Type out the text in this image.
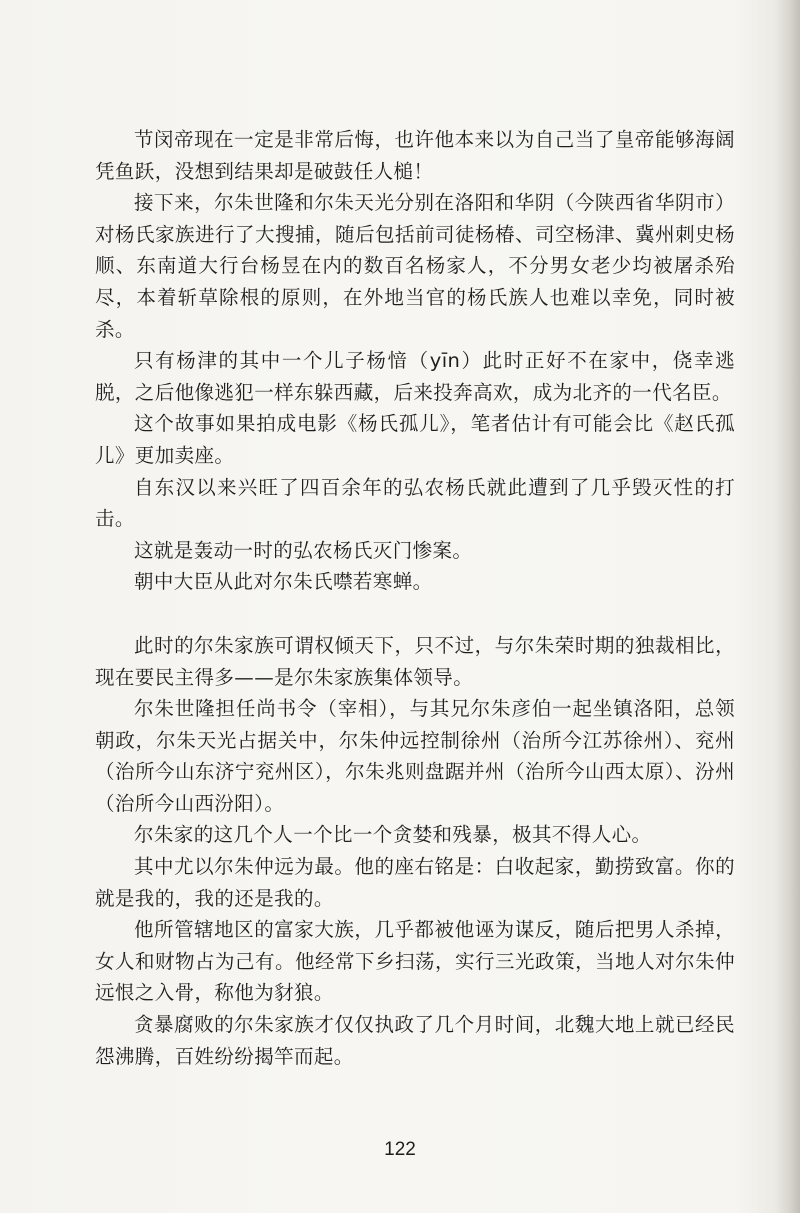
节闵帝现在一定是非常后悔，也许他本来以为自己当了皇帝能够海阔凭鱼跃，没想到结果却是破鼓任人槌！

接下来，尔朱世隆和尔朱天光分别在洛阳和华阴（今陕西省华阴市）对杨氏家族进行了大搜捕，随后包括前司徒杨椿、司空杨津、冀州刺史杨顺、东南道大行台杨昱在内的数百名杨家人，不分男女老少均被屠杀殆尽，本着斩草除根的原则，在外地当官的杨氏族人也难以幸免，同时被杀。

只有杨津的其中一个儿子杨愔（yīn）此时正好不在家中，侥幸逃脱，之后他像逃犯一样东躲西藏，后来投奔高欢，成为北齐的一代名臣。

这个故事如果拍成电影《杨氏孤儿》，笔者估计有可能会比《赵氏孤儿》更加卖座。

自东汉以来兴旺了四百余年的弘农杨氏就此遭到了几乎毁灭性的打击。

这就是轰动一时的弘农杨氏灭门惨案。

朝中大臣从此对尔朱氏噤若寒蝉。

此时的尔朱家族可谓权倾天下，只不过，与尔朱荣时期的独裁相比，现在要民主得多——是尔朱家族集体领导。

尔朱世隆担任尚书令（宰相），与其兄尔朱彦伯一起坐镇洛阳，总领朝政，尔朱天光占据关中，尔朱仲远控制徐州（治所今江苏徐州）、兖州（治所今山东济宁兖州区），尔朱兆则盘踞并州（治所今山西太原）、汾州（治所今山西汾阳）。

尔朱家的这几个人一个比一个贪婪和残暴，极其不得人心。

其中尤以尔朱仲远为最。他的座右铭是：白收起家，勤捞致富。你的就是我的，我的还是我的。

他所管辖地区的富家大族，几乎都被他诬为谋反，随后把男人杀掉，女人和财物占为己有。他经常下乡扫荡，实行三光政策，当地人对尔朱仲远恨之入骨，称他为豺狼。

贪暴腐败的尔朱家族才仅仅执政了几个月时间，北魏大地上就已经民怨沸腾，百姓纷纷揭竿而起。

122
